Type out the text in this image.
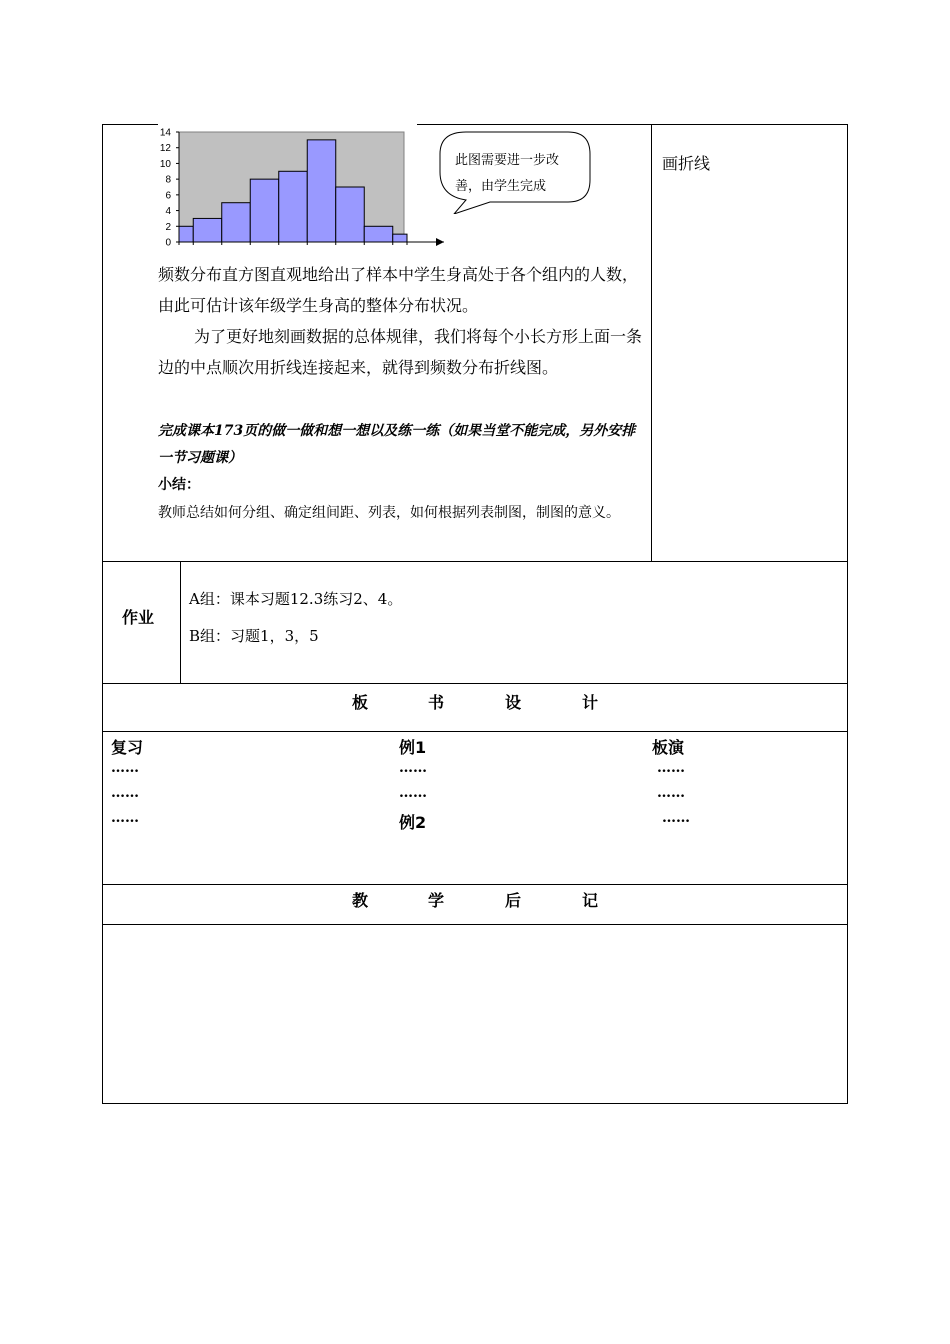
0
2
4
6
8
10
12
14
此图需要进一步改善，由学生完成
画折线
频数分布直方图直观地给出了样本中学生身高处于各个组内的人数，由此可估计该年级学生身高的整体分布状况。
为了更好地刻画数据的总体规律，我们将每个小长方形上面一条边的中点顺次用折线连接起来，就得到频数分布折线图。
完成课本173页的做一做和想一想以及练一练（如果当堂不能完成，另外安排一节习题课）
小结：
教师总结如何分组、确定组间距、列表，如何根据列表制图，制图的意义。
作业
A组：课本习题12.3练习2、4。
B组：习题1，3，5
板	书	设	计
复习
……
……
……
例1
……
……
例2
板演
……
……
……
教	学	后	记
